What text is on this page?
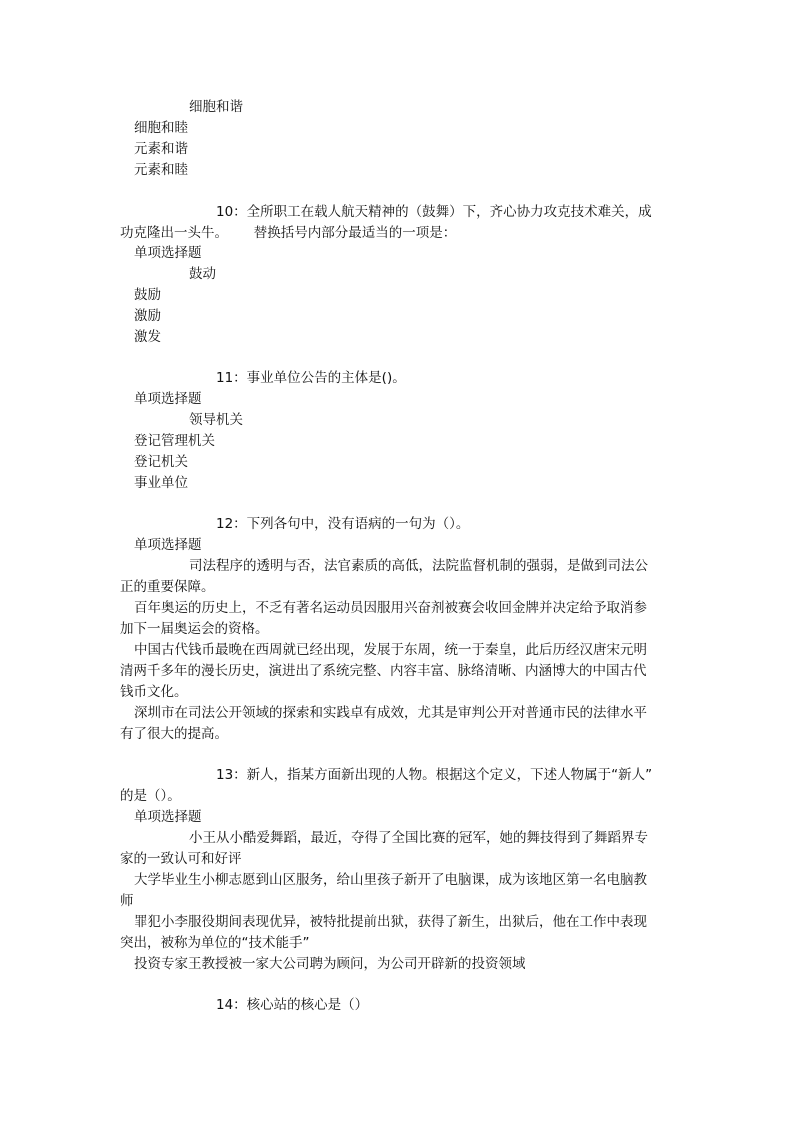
细胞和谐
细胞和睦
元素和谐
元素和睦
10：全所职工在载人航天精神的（鼓舞）下，齐心协力攻克技术难关，成
功克隆出一头牛。      替换括号内部分最适当的一项是：
单项选择题
鼓动
鼓励
激励
激发
11：事业单位公告的主体是()。
单项选择题
领导机关
登记管理机关
登记机关
事业单位
12：下列各句中，没有语病的一句为（）。
单项选择题
司法程序的透明与否，法官素质的高低，法院监督机制的强弱，是做到司法公
正的重要保障。
百年奥运的历史上，不乏有著名运动员因服用兴奋剂被赛会收回金牌并决定给予取消参
加下一届奥运会的资格。
中国古代钱币最晚在西周就已经出现，发展于东周，统一于秦皇，此后历经汉唐宋元明
清两千多年的漫长历史，演进出了系统完整、内容丰富、脉络清晰、内涵博大的中国古代
钱币文化。
深圳市在司法公开领域的探索和实践卓有成效，尤其是审判公开对普通市民的法律水平
有了很大的提高。
13：新人，指某方面新出现的人物。根据这个定义，下述人物属于“新人”
的是（）。
单项选择题
小王从小酷爱舞蹈，最近，夺得了全国比赛的冠军，她的舞技得到了舞蹈界专
家的一致认可和好评
大学毕业生小柳志愿到山区服务，给山里孩子新开了电脑课，成为该地区第一名电脑教
师
罪犯小李服役期间表现优异，被特批提前出狱，获得了新生，出狱后，他在工作中表现
突出，被称为单位的“技术能手”
投资专家王教授被一家大公司聘为顾问，为公司开辟新的投资领域
14：核心站的核心是（）
